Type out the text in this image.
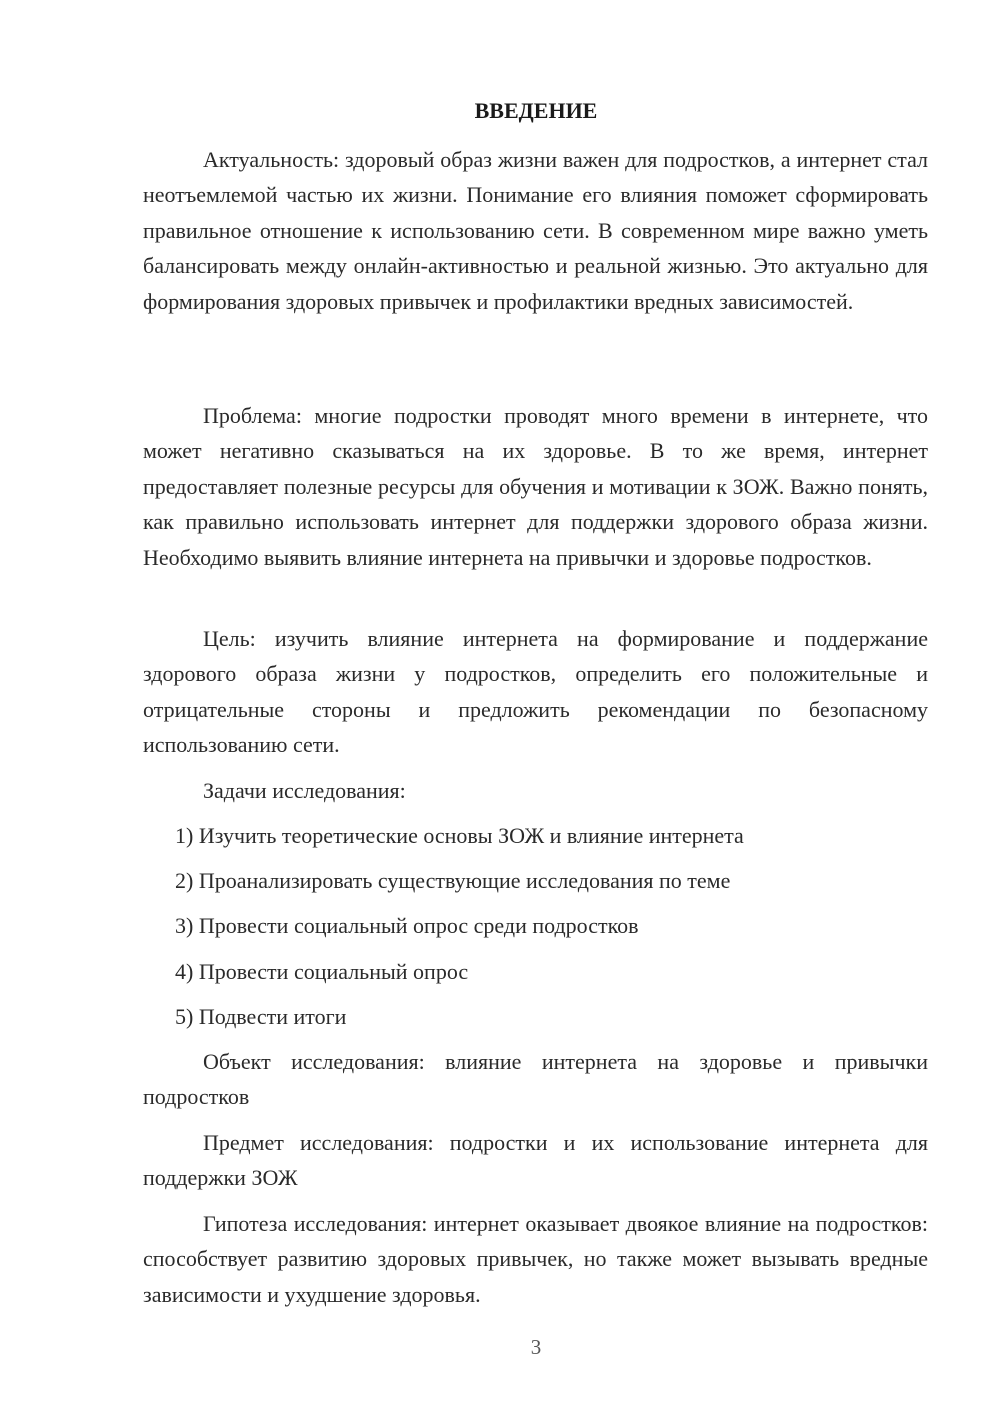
ВВЕДЕНИЕ

Актуальность: здоровый образ жизни важен для подростков, а интернет стал неотъемлемой частью их жизни. Понимание его влияния поможет сформировать правильное отношение к использованию сети. В современном мире важно уметь балансировать между онлайн-активностью и реальной жизнью. Это актуально для формирования здоровых привычек и профилактики вредных зависимостей.

Проблема: многие подростки проводят много времени в интернете, что может негативно сказываться на их здоровье. В то же время, интернет предоставляет полезные ресурсы для обучения и мотивации к ЗОЖ. Важно понять, как правильно использовать интернет для поддержки здорового образа жизни. Необходимо выявить влияние интернета на привычки и здоровье подростков.

Цель: изучить влияние интернета на формирование и поддержание здорового образа жизни у подростков, определить его положительные и отрицательные стороны и предложить рекомендации по безопасному использованию сети.

Задачи исследования:

1) Изучить теоретические основы ЗОЖ и влияние интернета

2) Проанализировать существующие исследования по теме

3) Провести социальный опрос среди подростков

4) Провести социальный опрос

5) Подвести итоги

Объект исследования: влияние интернета на здоровье и привычки подростков

Предмет исследования: подростки и их использование интернета для поддержки ЗОЖ

Гипотеза исследования: интернет оказывает двоякое влияние на подростков: способствует развитию здоровых привычек, но также может вызывать вредные зависимости и ухудшение здоровья.

3
